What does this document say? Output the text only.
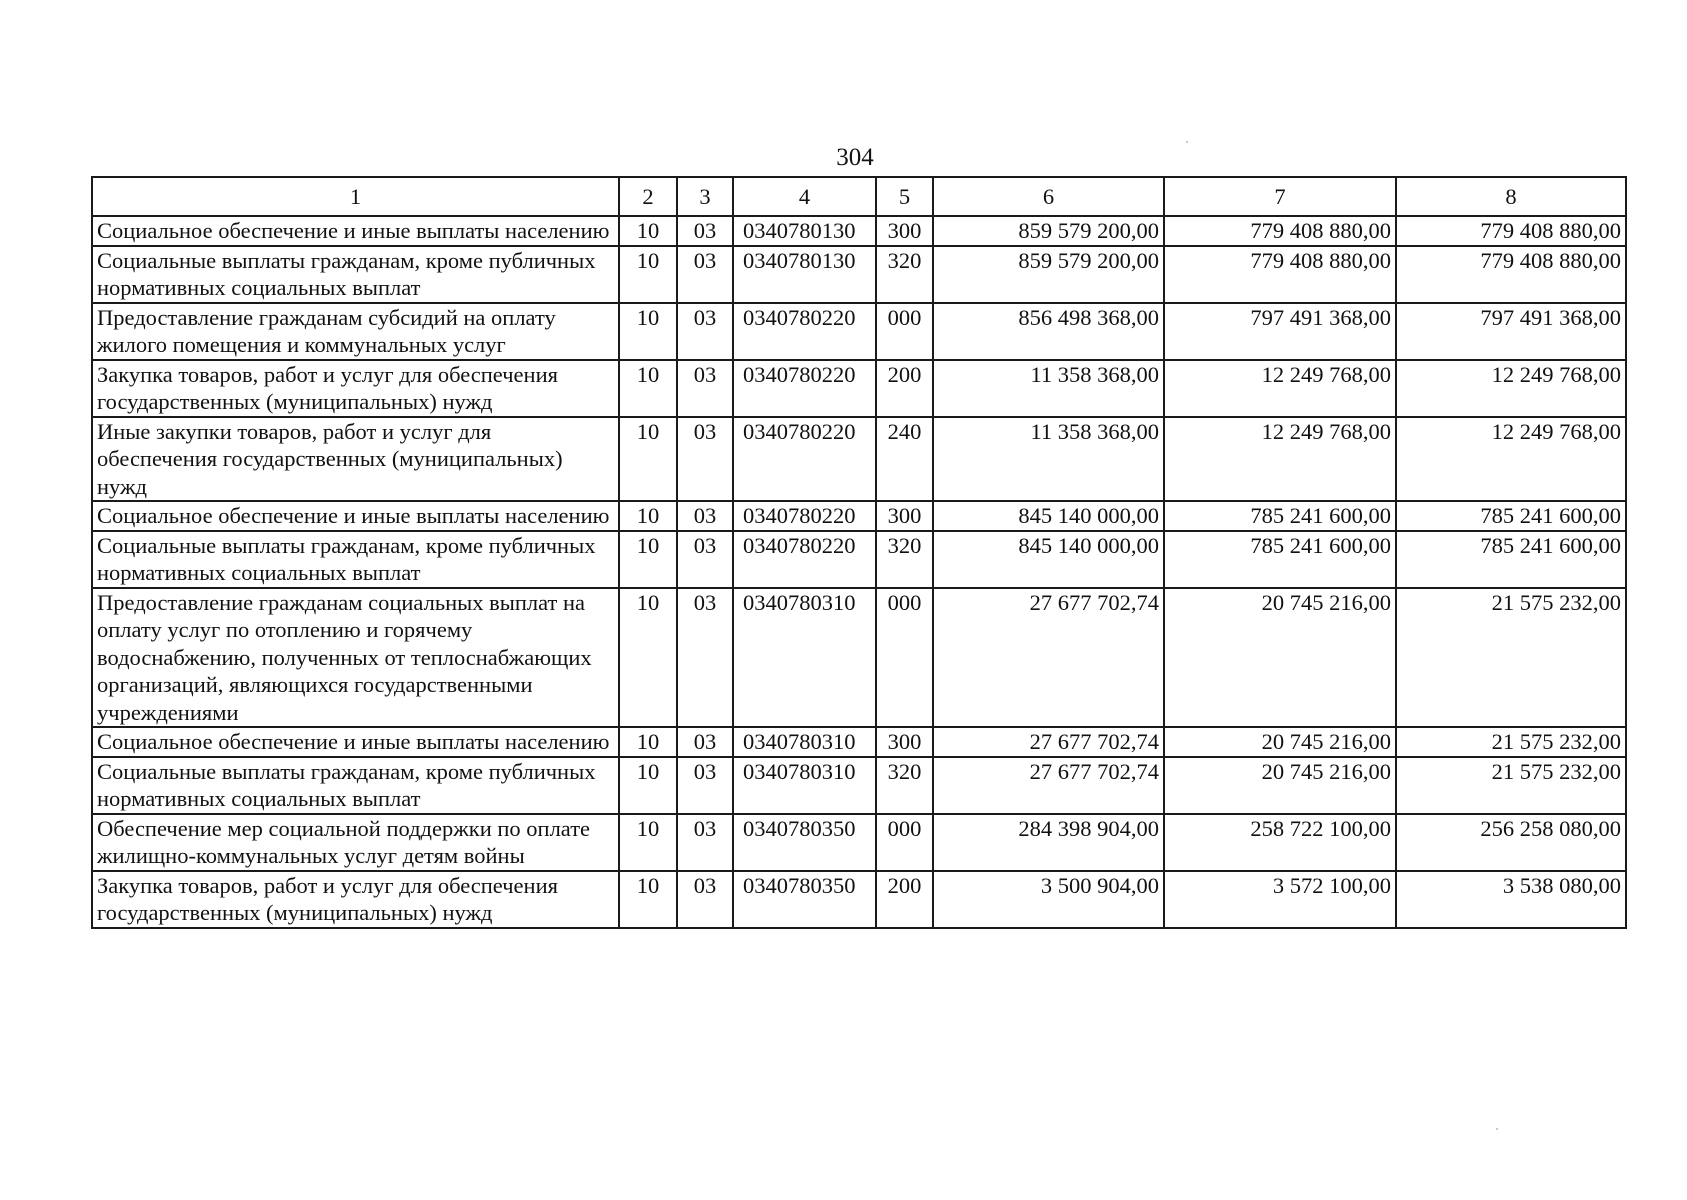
304
1	2	3	4	5	6	7	8
Социальное обеспечение и иные выплаты населению	10	03	0340780130	300	859 579 200,00	779 408 880,00	779 408 880,00
Социальные выплаты гражданам, кроме публичных нормативных социальных выплат	10	03	0340780130	320	859 579 200,00	779 408 880,00	779 408 880,00
Предоставление гражданам субсидий на оплату жилого помещения и коммунальных услуг	10	03	0340780220	000	856 498 368,00	797 491 368,00	797 491 368,00
Закупка товаров, работ и услуг для обеспечения государственных (муниципальных) нужд	10	03	0340780220	200	11 358 368,00	12 249 768,00	12 249 768,00
Иные закупки товаров, работ и услуг для обеспечения государственных (муниципальных) нужд	10	03	0340780220	240	11 358 368,00	12 249 768,00	12 249 768,00
Социальное обеспечение и иные выплаты населению	10	03	0340780220	300	845 140 000,00	785 241 600,00	785 241 600,00
Социальные выплаты гражданам, кроме публичных нормативных социальных выплат	10	03	0340780220	320	845 140 000,00	785 241 600,00	785 241 600,00
Предоставление гражданам социальных выплат на оплату услуг по отоплению и горячему водоснабжению, полученных от теплоснабжающих организаций, являющихся государственными учреждениями	10	03	0340780310	000	27 677 702,74	20 745 216,00	21 575 232,00
Социальное обеспечение и иные выплаты населению	10	03	0340780310	300	27 677 702,74	20 745 216,00	21 575 232,00
Социальные выплаты гражданам, кроме публичных нормативных социальных выплат	10	03	0340780310	320	27 677 702,74	20 745 216,00	21 575 232,00
Обеспечение мер социальной поддержки по оплате жилищно-коммунальных услуг детям войны	10	03	0340780350	000	284 398 904,00	258 722 100,00	256 258 080,00
Закупка товаров, работ и услуг для обеспечения государственных (муниципальных) нужд	10	03	0340780350	200	3 500 904,00	3 572 100,00	3 538 080,00
